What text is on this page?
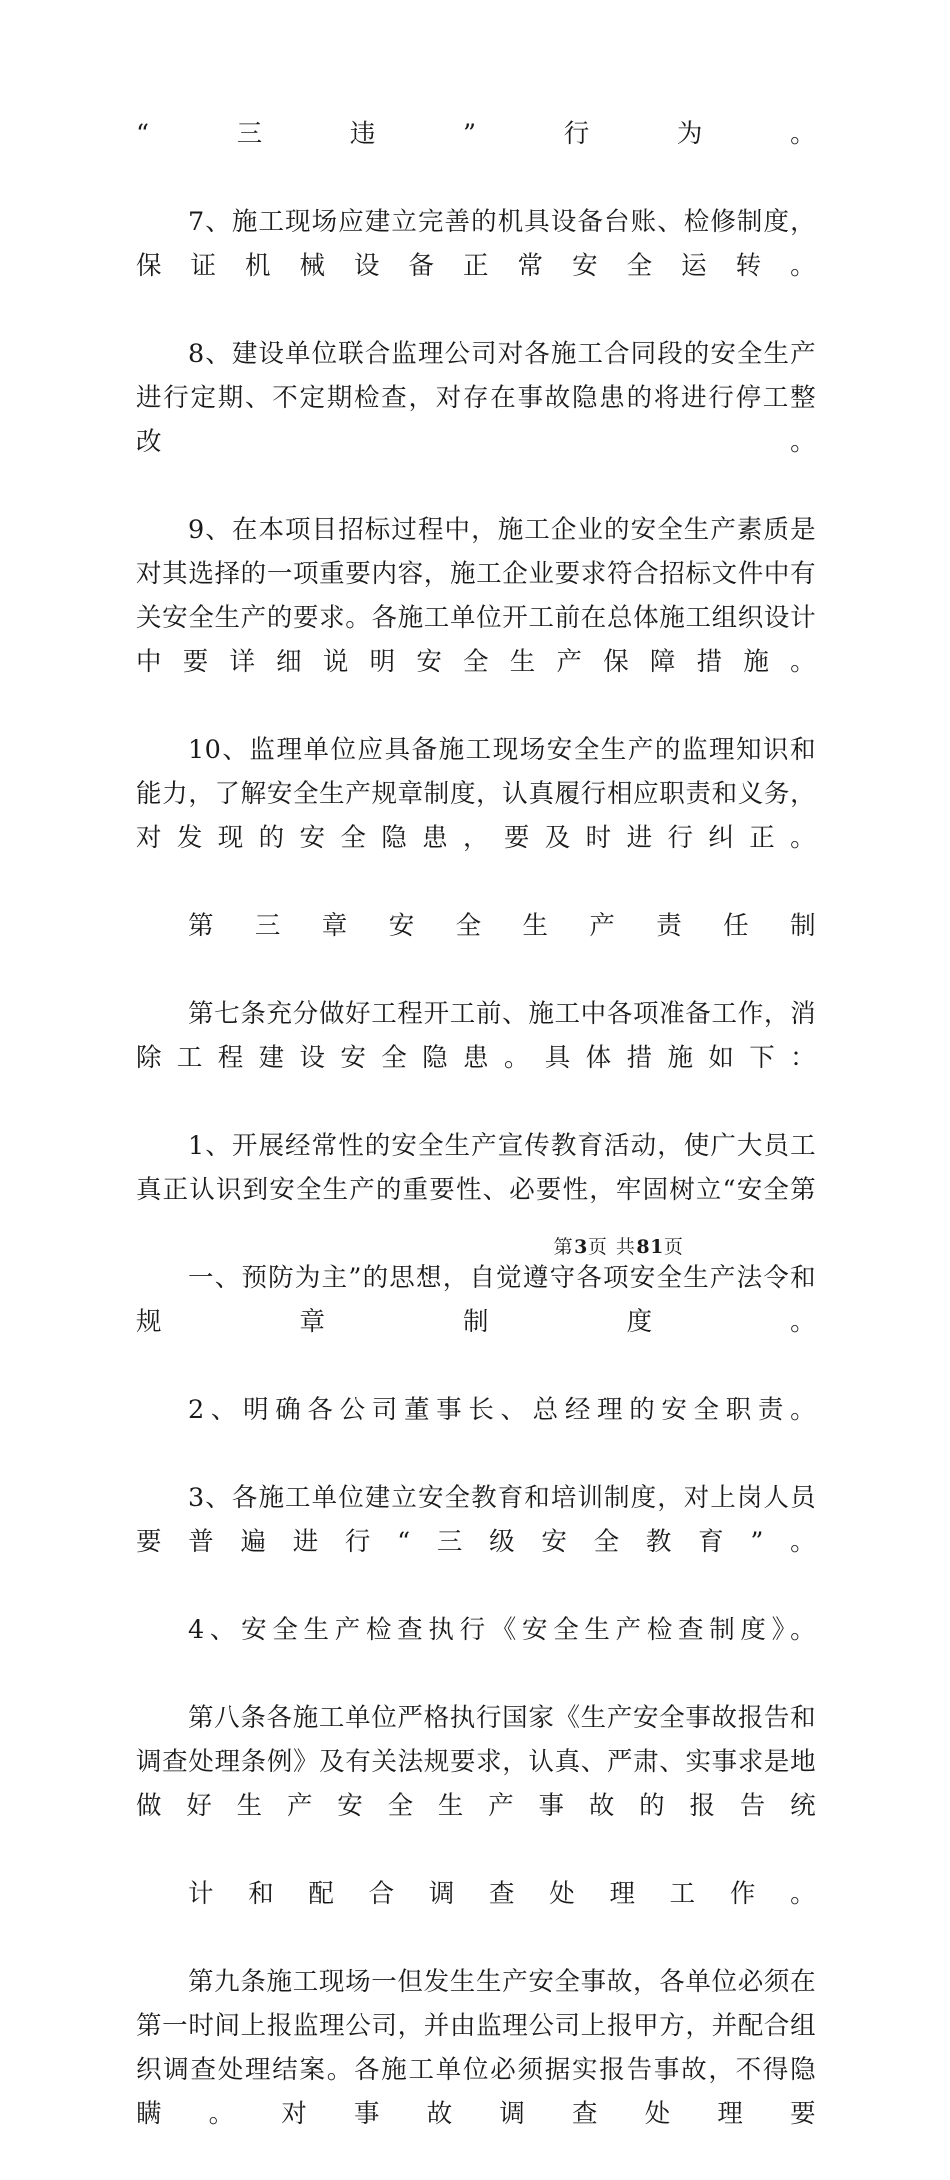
“三违”行为。

7、施工现场应建立完善的机具设备台账、检修制度，保证机械设备正常安全运转。

8、建设单位联合监理公司对各施工合同段的安全生产进行定期、不定期检查，对存在事故隐患的将进行停工整改。

9、在本项目招标过程中，施工企业的安全生产素质是对其选择的一项重要内容，施工企业要求符合招标文件中有关安全生产的要求。各施工单位开工前在总体施工组织设计中要详细说明安全生产保障措施。

10、监理单位应具备施工现场安全生产的监理知识和能力，了解安全生产规章制度，认真履行相应职责和义务，对发现的安全隐患，要及时进行纠正。

第三章安全生产责任制

第七条充分做好工程开工前、施工中各项准备工作，消除工程建设安全隐患。具体措施如下：

1、开展经常性的安全生产宣传教育活动，使广大员工真正认识到安全生产的重要性、必要性，牢固树立“安全第

一、预防为主”的思想，自觉遵守各项安全生产法令和规章制度。

2、明确各公司董事长、总经理的安全职责。

3、各施工单位建立安全教育和培训制度，对上岗人员要普遍进行“三级安全教育”。

4、安全生产检查执行《安全生产检查制度》。

第八条各施工单位严格执行国家《生产安全事故报告和调查处理条例》及有关法规要求，认真、严肃、实事求是地做好生产安全生产事故的报告统

计和配合调查处理工作。

第九条施工现场一但发生生产安全事故，各单位必须在第一时间上报监理公司，并由监理公司上报甲方，并配合组织调查处理结案。各施工单位必须据实报告事故，不得隐瞒。对事故调查处理要

第3页 共81页
